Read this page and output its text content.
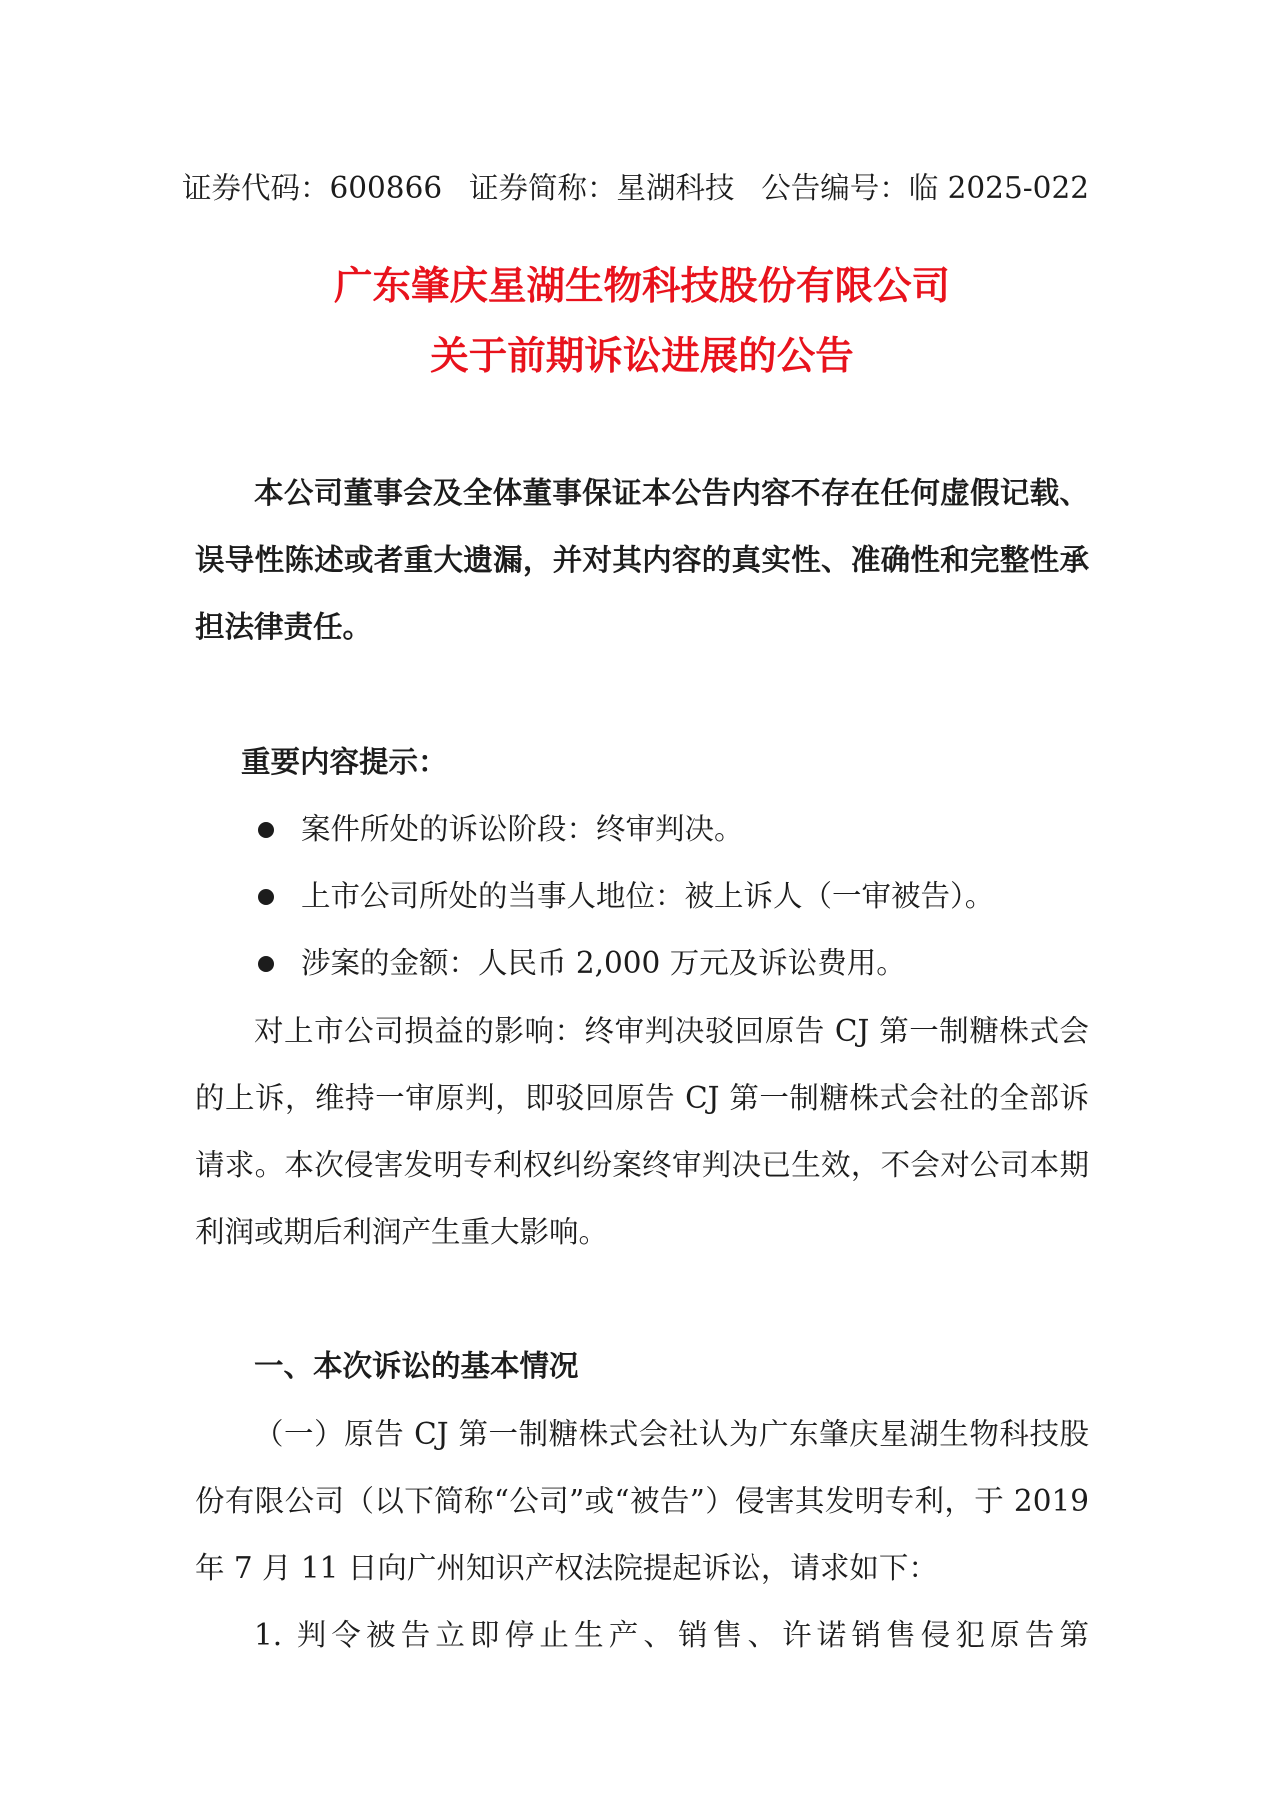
证券代码：600866 证券简称：星湖科技 公告编号：临 2025-022
广东肇庆星湖生物科技股份有限公司
关于前期诉讼进展的公告
本公司董事会及全体董事保证本公告内容不存在任何虚假记载、
误导性陈述或者重大遗漏，并对其内容的真实性、准确性和完整性承
担法律责任。
重要内容提示：
案件所处的诉讼阶段：终审判决。
上市公司所处的当事人地位：被上诉人（一审被告）。
涉案的金额：人民币 2,000 万元及诉讼费用。
对上市公司损益的影响：终审判决驳回原告 CJ 第一制糖株式会
的上诉，维持一审原判，即驳回原告 CJ 第一制糖株式会社的全部诉
请求。本次侵害发明专利权纠纷案终审判决已生效，不会对公司本期
利润或期后利润产生重大影响。
一、本次诉讼的基本情况
（一）原告 CJ 第一制糖株式会社认为广东肇庆星湖生物科技股
份有限公司（以下简称“公司”或“被告”）侵害其发明专利，于 2019
年 7 月 11 日向广州知识产权法院提起诉讼，请求如下：
1. 判令被告立即停止生产、销售、许诺销售侵犯原告第
